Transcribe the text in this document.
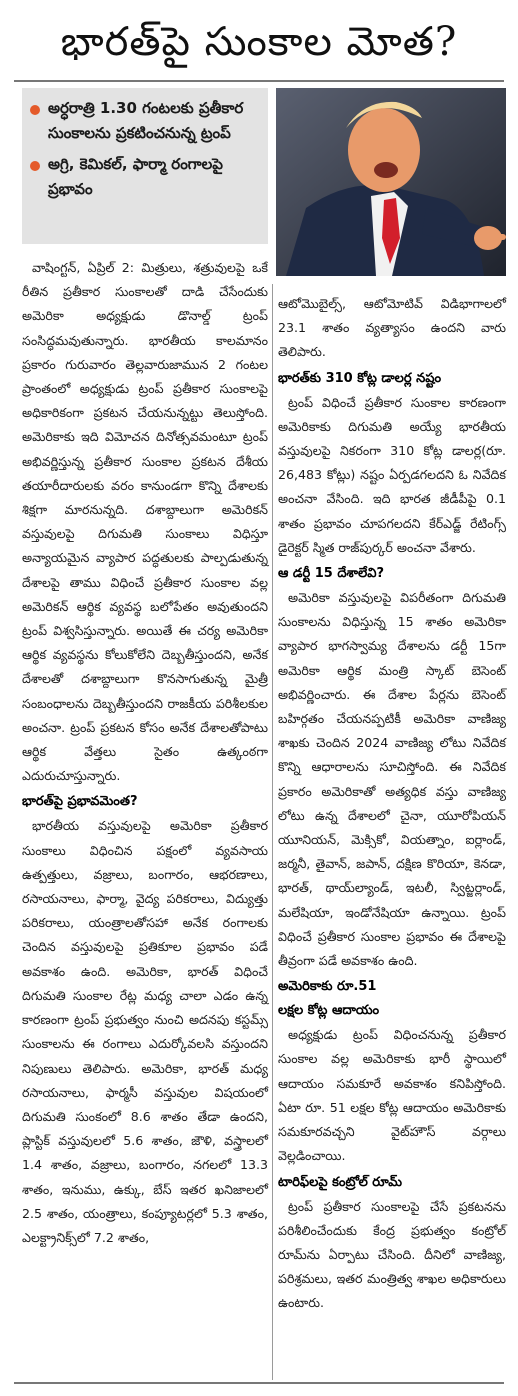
భారత్‌పై సుంకాల మోత?
అర్ధరాత్రి 1.30 గంటలకు ప్రతీకార సుంకాలను ప్రకటించనున్న ట్రంప్
అగ్రి, కెమికల్‌, ఫార్మా రంగాలపై ప్రభావం

వాషింగ్టన్‌, ఏప్రిల్‌ 2: మిత్రులు, శత్రువులపై ఒకే రీతిన ప్రతీకార సుంకాలతో దాడి చేసేందుకు అమెరికా అధ్యక్షుడు డొనాల్డ్‌ ట్రంప్‌ సంసిద్ధమవుతున్నారు. భారతీయ కాలమానం ప్రకారం గురువారం తెల్లవారుజామున 2 గంటల ప్రాంతంలో అధ్యక్షుడు ట్రంప్‌ ప్రతీకార సుంకాలపై అధికారికంగా ప్రకటన చేయనున్నట్టు తెలుస్తోంది. అమెరికాకు ఇది విమోచన దినోత్సవమంటూ ట్రంప్‌ అభివర్ణిస్తున్న ప్రతీకార సుంకాల ప్రకటన దేశీయ తయారీదారులకు వరం కానుండగా కొన్ని దేశాలకు శిక్షగా మారనున్నది. దశాబ్దాలుగా అమెరికన్‌ వస్తువులపై దిగుమతి సుంకాలు విధిస్తూ అన్యాయమైన వ్యాపార పద్ధతులకు పాల్పడుతున్న దేశాలపై తాము విధించే ప్రతీకార సుంకాల వల్ల అమెరికన్‌ ఆర్థిక వ్యవస్థ బలోపేతం అవుతుందని ట్రంప్‌ విశ్వసిస్తున్నారు. అయితే ఈ చర్య అమెరికా ఆర్థిక వ్యవస్థను కోలుకోలేని దెబ్బతీస్తుందని, అనేక దేశాలతో దశాబ్దాలుగా కొనసాగుతున్న మైత్రీ సంబంధాలను దెబ్బతీస్తుందని రాజకీయ పరిశీలకుల అంచనా. ట్రంప్‌ ప్రకటన కోసం అనేక దేశాలతోపాటు ఆర్థిక వేత్తలు సైతం ఉత్కంఠగా ఎదురుచూస్తున్నారు.

భారత్‌పై ప్రభావమెంత?

భారతీయ వస్తువులపై అమెరికా ప్రతీకార సుంకాలు విధించిన పక్షంలో వ్యవసాయ ఉత్పత్తులు, వజ్రాలు, బంగారం, ఆభరణాలు, రసాయనాలు, ఫార్మా, వైద్య పరికరాలు, విద్యుత్తు పరికరాలు, యంత్రాలతోసహా అనేక రంగాలకు చెందిన వస్తువులపై ప్రతికూల ప్రభావం పడే అవకాశం ఉంది. అమెరికా, భారత్‌ విధించే దిగుమతి సుంకాల రేట్ల మధ్య చాలా ఎడం ఉన్న కారణంగా ట్రంప్‌ ప్రభుత్వం నుంచి అదనపు కస్టమ్స్‌ సుంకాలను ఈ రంగాలు ఎదుర్కోవలసి వస్తుందని నిపుణులు తెలిపారు. అమెరికా, భారత్‌ మధ్య రసాయనాలు, ఫార్మసీ వస్తువుల విషయంలో దిగుమతి సుంకంలో 8.6 శాతం తేడా ఉందని, ప్లాస్టిక్‌ వస్తువులలో 5.6 శాతం, జౌళి, వస్త్రాలలో 1.4 శాతం, వజ్రాలు, బంగారం, నగలలో 13.3 శాతం, ఇనుము, ఉక్కు, బేస్‌ ఇతర ఖనిజాలలో 2.5 శాతం, యంత్రాలు, కంప్యూటర్లలో 5.3 శాతం, ఎలక్ట్రానిక్స్‌లో 7.2 శాతం,

ఆటోమొబైల్స్‌, ఆటోమోటివ్‌ విడిభాగాలలో 23.1 శాతం వ్యత్యాసం ఉందని వారు తెలిపారు.

భారత్‌కు 310 కోట్ల డాలర్ల నష్టం

ట్రంప్‌ విధించే ప్రతీకార సుంకాల కారణంగా అమెరికాకు దిగుమతి అయ్యే భారతీయ వస్తువులపై నికరంగా 310 కోట్ల డాలర్ల(రూ. 26,483 కోట్లు) నష్టం ఏర్పడగలదని ఓ నివేదిక అంచనా వేసింది. ఇది భారత జీడీపీపై 0.1 శాతం ప్రభావం చూపగలదని కేర్‌ఎడ్జ్‌ రేటింగ్స్‌ డైరెక్టర్‌ స్మిత రాజ్‌పుర్కర్‌ అంచనా వేశారు.

ఆ డర్టీ 15 దేశాలేవి?

అమెరికా వస్తువులపై విపరీతంగా దిగుమతి సుంకాలను విధిస్తున్న 15 శాతం అమెరికా వ్యాపార భాగస్వామ్య దేశాలను డర్టీ 15గా అమెరికా ఆర్థిక మంత్రి స్కాట్‌ బెసెంట్‌ అభివర్ణించారు. ఈ దేశాల పేర్లను బెసెంట్‌ బహిర్గతం చేయనప్పటికీ అమెరికా వాణిజ్య శాఖకు చెందిన 2024 వాణిజ్య లోటు నివేదిక కొన్ని ఆధారాలను సూచిస్తోంది. ఈ నివేదిక ప్రకారం అమెరికాతో అత్యధిక వస్తు వాణిజ్య లోటు ఉన్న దేశాలలో చైనా, యూరోపియన్‌ యూనియన్‌, మెక్సికో, వియత్నాం, ఐర్లాండ్‌, జర్మనీ, తైవాన్‌, జపాన్‌, దక్షిణ కొరియా, కెనడా, భారత్‌, థాయ్‌ల్యాండ్‌, ఇటలీ, స్విట్జర్లాండ్‌, మలేషియా, ఇండోనేషియా ఉన్నాయి. ట్రంప్‌ విధించే ప్రతీకార సుంకాల ప్రభావం ఈ దేశాలపై తీవ్రంగా పడే అవకాశం ఉంది.

అమెరికాకు రూ.51
లక్షల కోట్ల ఆదాయం

అధ్యక్షుడు ట్రంప్‌ విధించనున్న ప్రతీకార సుంకాల వల్ల అమెరికాకు భారీ స్థాయిలో ఆదాయం సమకూరే అవకాశం కనిపిస్తోంది. ఏటా రూ. 51 లక్షల కోట్ల ఆదాయం అమెరికాకు సమకూరవచ్చని వైట్‌హౌస్‌ వర్గాలు వెల్లడించాయి.

టారిఫ్‌లపై కంట్రోల్‌ రూమ్‌

ట్రంప్‌ ప్రతీకార సుంకాలపై చేసే ప్రకటనను పరిశీలించేందుకు కేంద్ర ప్రభుత్వం కంట్రోల్‌ రూమ్‌ను ఏర్పాటు చేసింది. దీనిలో వాణిజ్య, పరిశ్రమలు, ఇతర మంత్రిత్వ శాఖల అధికారులు ఉంటారు.
